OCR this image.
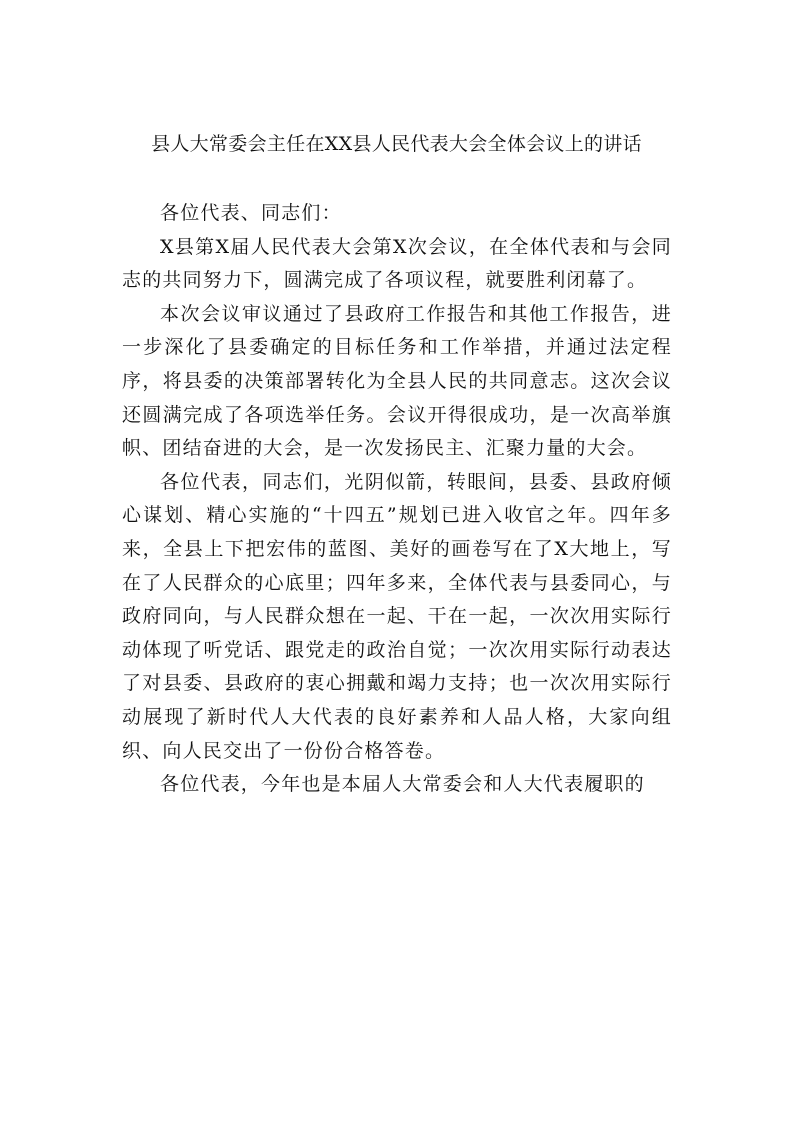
县人大常委会主任在XX县人民代表大会全体会议上的讲话

各位代表、同志们：

X县第X届人民代表大会第X次会议，在全体代表和与会同志的共同努力下，圆满完成了各项议程，就要胜利闭幕了。

本次会议审议通过了县政府工作报告和其他工作报告，进一步深化了县委确定的目标任务和工作举措，并通过法定程序，将县委的决策部署转化为全县人民的共同意志。这次会议还圆满完成了各项选举任务。会议开得很成功，是一次高举旗帜、团结奋进的大会，是一次发扬民主、汇聚力量的大会。

各位代表，同志们，光阴似箭，转眼间，县委、县政府倾心谋划、精心实施的“十四五”规划已进入收官之年。四年多来，全县上下把宏伟的蓝图、美好的画卷写在了X大地上，写在了人民群众的心底里；四年多来，全体代表与县委同心，与政府同向，与人民群众想在一起、干在一起，一次次用实际行动体现了听党话、跟党走的政治自觉；一次次用实际行动表达了对县委、县政府的衷心拥戴和竭力支持；也一次次用实际行动展现了新时代人大代表的良好素养和人品人格，大家向组织、向人民交出了一份份合格答卷。

各位代表，今年也是本届人大常委会和人大代表履职的
